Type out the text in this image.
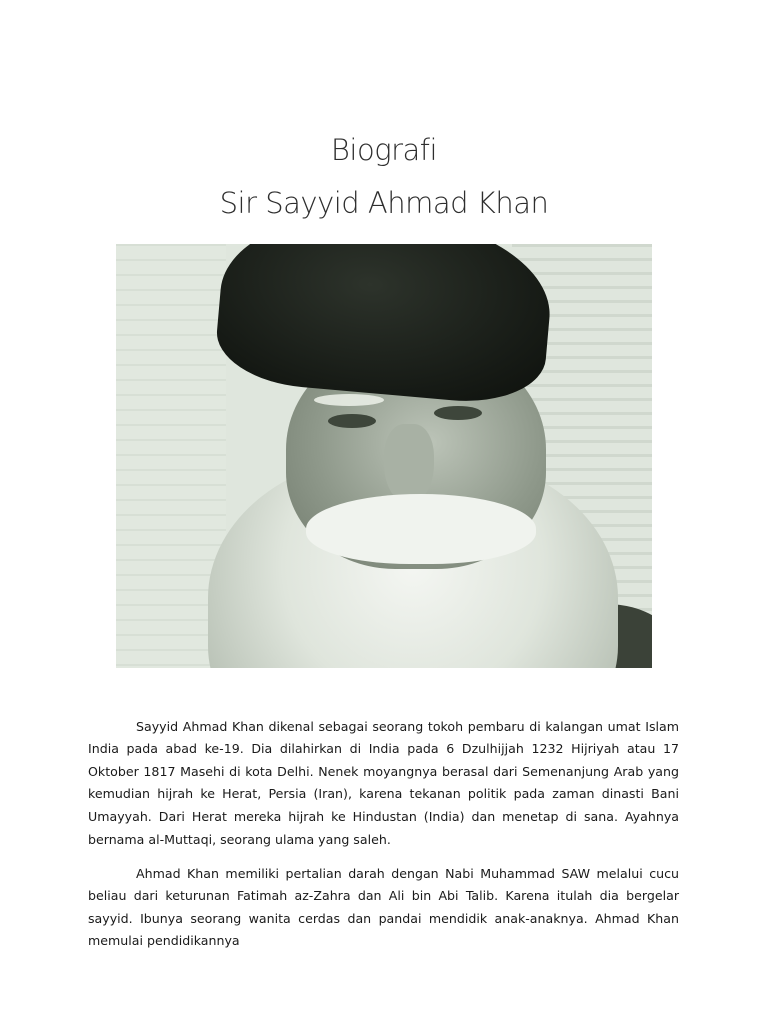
Biografi
Sir Sayyid Ahmad Khan

Sayyid Ahmad Khan dikenal sebagai seorang tokoh pembaru di kalangan umat Islam India pada abad ke-19. Dia dilahirkan di India pada 6 Dzulhijjah 1232 Hijriyah atau 17 Oktober 1817 Masehi di kota Delhi. Nenek moyangnya berasal dari Semenanjung Arab yang kemudian hijrah ke Herat, Persia (Iran), karena tekanan politik pada zaman dinasti Bani Umayyah. Dari Herat mereka hijrah ke Hindustan (India) dan menetap di sana. Ayahnya bernama al-Muttaqi, seorang ulama yang saleh.

Ahmad Khan memiliki pertalian darah dengan Nabi Muhammad SAW melalui cucu beliau dari keturunan Fatimah az-Zahra dan Ali bin Abi Talib. Karena itulah dia bergelar sayyid. Ibunya seorang wanita cerdas dan pandai mendidik anak-anaknya. Ahmad Khan memulai pendidikannya
